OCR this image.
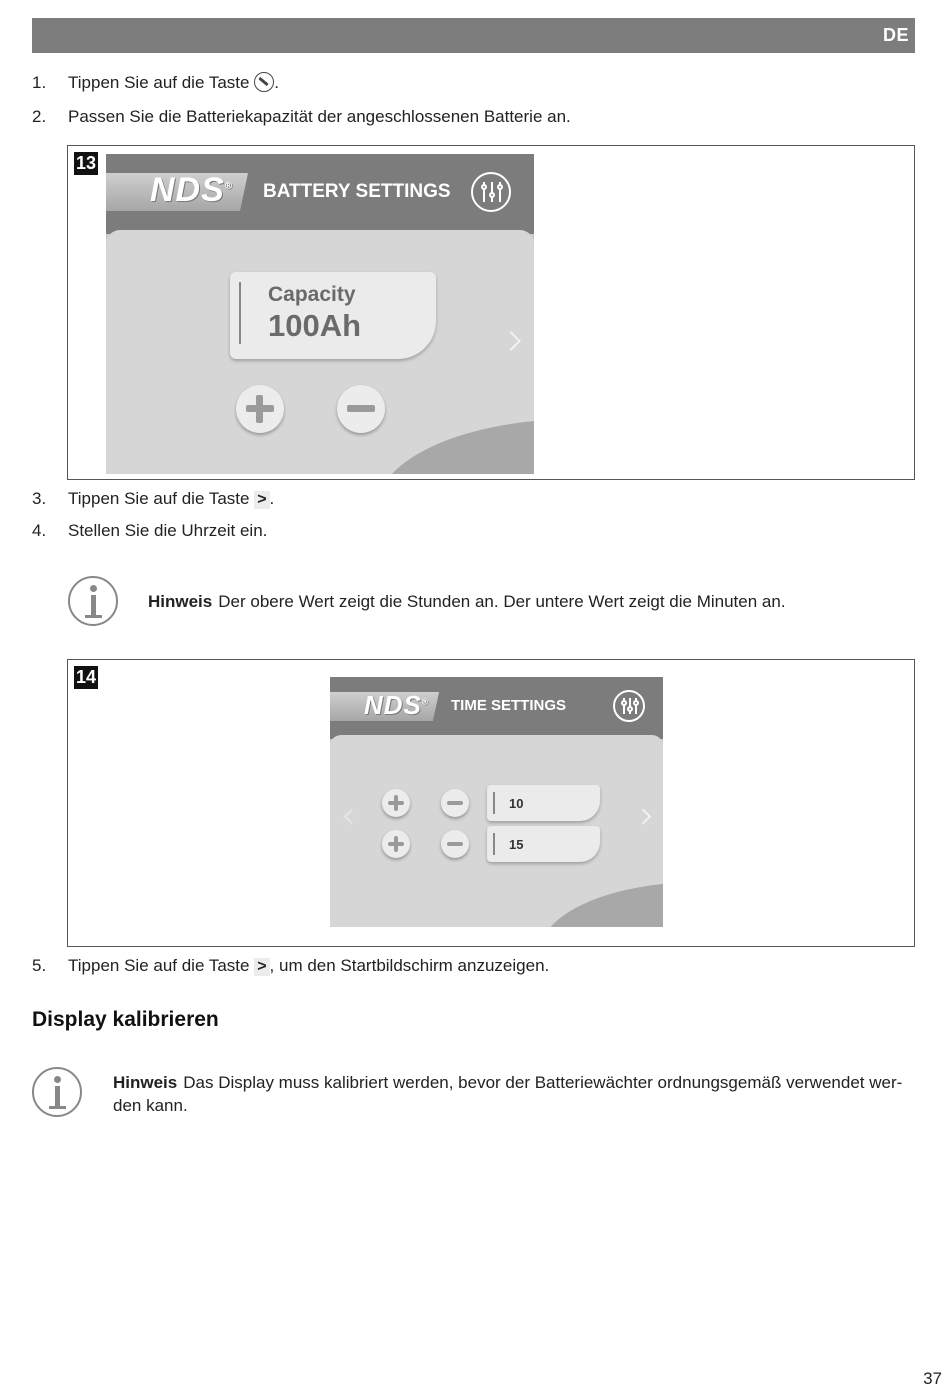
DE
1. Tippen Sie auf die Taste .
2. Passen Sie die Batteriekapazität der angeschlossenen Batterie an.
13
NDS® BATTERY SETTINGS
Capacity
100Ah
3. Tippen Sie auf die Taste > .
4. Stellen Sie die Uhrzeit ein.
Hinweis Der obere Wert zeigt die Stunden an. Der untere Wert zeigt die Minuten an.
14
NDS® TIME SETTINGS
10
15
5. Tippen Sie auf die Taste > , um den Startbildschirm anzuzeigen.
Display kalibrieren
Hinweis Das Display muss kalibriert werden, bevor der Batteriewächter ordnungsgemäß verwendet wer-
den kann.
37
